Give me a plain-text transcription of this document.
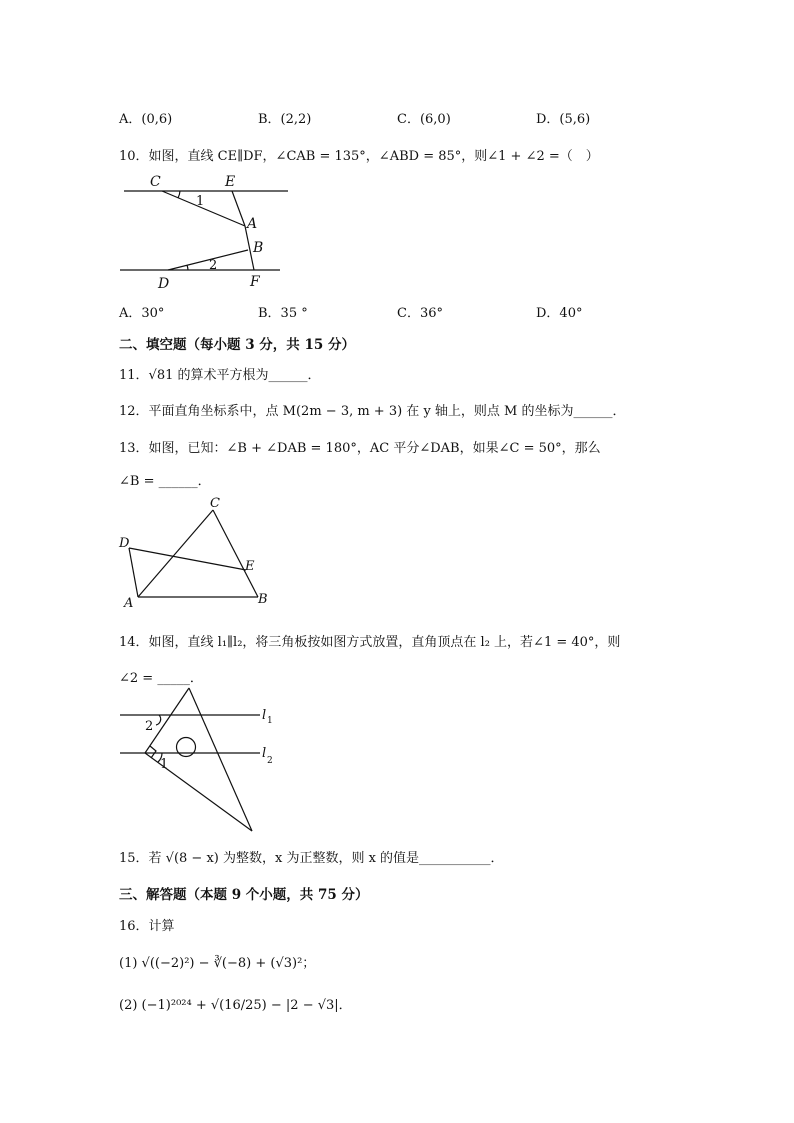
A．(0,6)	B．(2,2)	C．(6,0)	D．(5,6)
10．如图，直线 CE∥DF，∠CAB = 135°，∠ABD = 85°，则∠1 + ∠2 =（　）
C	E
A
B
D	F
1
2
A．30°	B．35 °	C．36°	D．40°
二、填空题（每小题 3 分，共 15 分）
11．√81 的算术平方根为______．
12．平面直角坐标系中，点 M(2m − 3, m + 3) 在 y 轴上，则点 M 的坐标为______．
13．如图，已知：∠B + ∠DAB = 180°，AC 平分∠DAB，如果∠C = 50°，那么
∠B = ______．
C
D
E
A	B
14．如图，直线 l₁∥l₂，将三角板按如图方式放置，直角顶点在 l₂ 上，若∠1 = 40°，则
∠2 = _____．
2
1
l 1
l 2
15．若 √(8 − x) 为整数，x 为正整数，则 x 的值是___________．
三、解答题（本题 9 个小题，共 75 分）
16．计算
(1) √((−2)²) − ∛(−8) + (√3)²；
(2) (−1)²⁰²⁴ + √(16/25) − |2 − √3|．
